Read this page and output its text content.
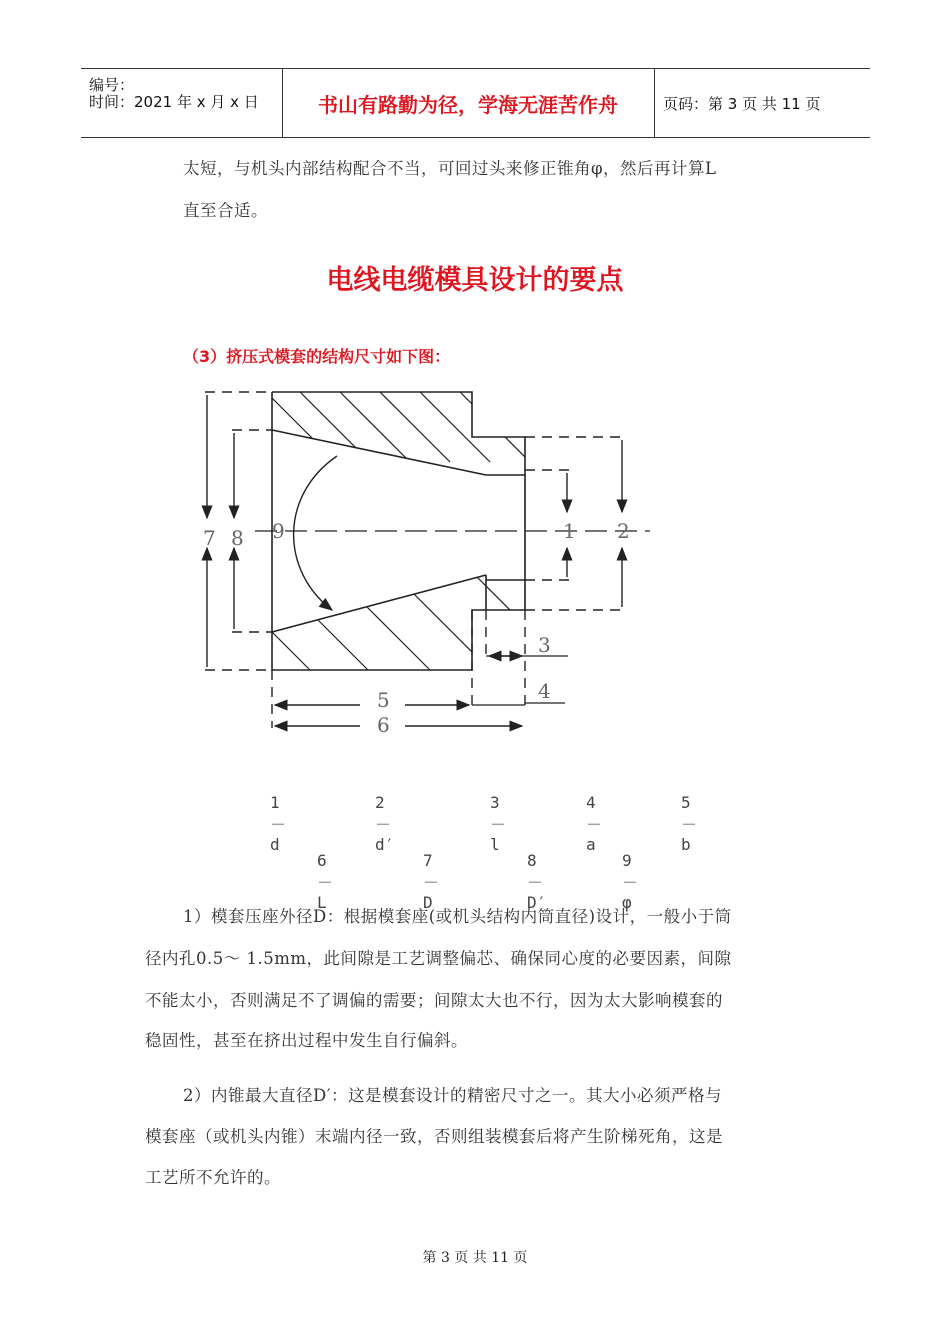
编号：
时间：2021 年 x 月 x 日	书山有路勤为径，学海无涯苦作舟	页码：第 3 页 共 11 页
太短，与机头内部结构配合不当，可回过头来修正锥角φ，然后再计算L
直至合适。
电线电缆模具设计的要点
（3）挤压式模套的结构尺寸如下图：
7 8 9	1 2
3
4
5
6
1－d
2－d′
3－l
4－a
5－b
6－L
7－D
8－D′
9－φ
1）模套压座外径D：根据模套座(或机头结构内筒直径)设计，一般小于筒
径内孔0.5～ 1.5mm，此间隙是工艺调整偏芯、确保同心度的必要因素，间隙
不能太小，否则满足不了调偏的需要；间隙太大也不行，因为太大影响模套的
稳固性，甚至在挤出过程中发生自行偏斜。
2）内锥最大直径D′：这是模套设计的精密尺寸之一。其大小必须严格与
模套座（或机头内锥）末端内径一致，否则组装模套后将产生阶梯死角，这是
工艺所不允许的。
第 3 页 共 11 页
